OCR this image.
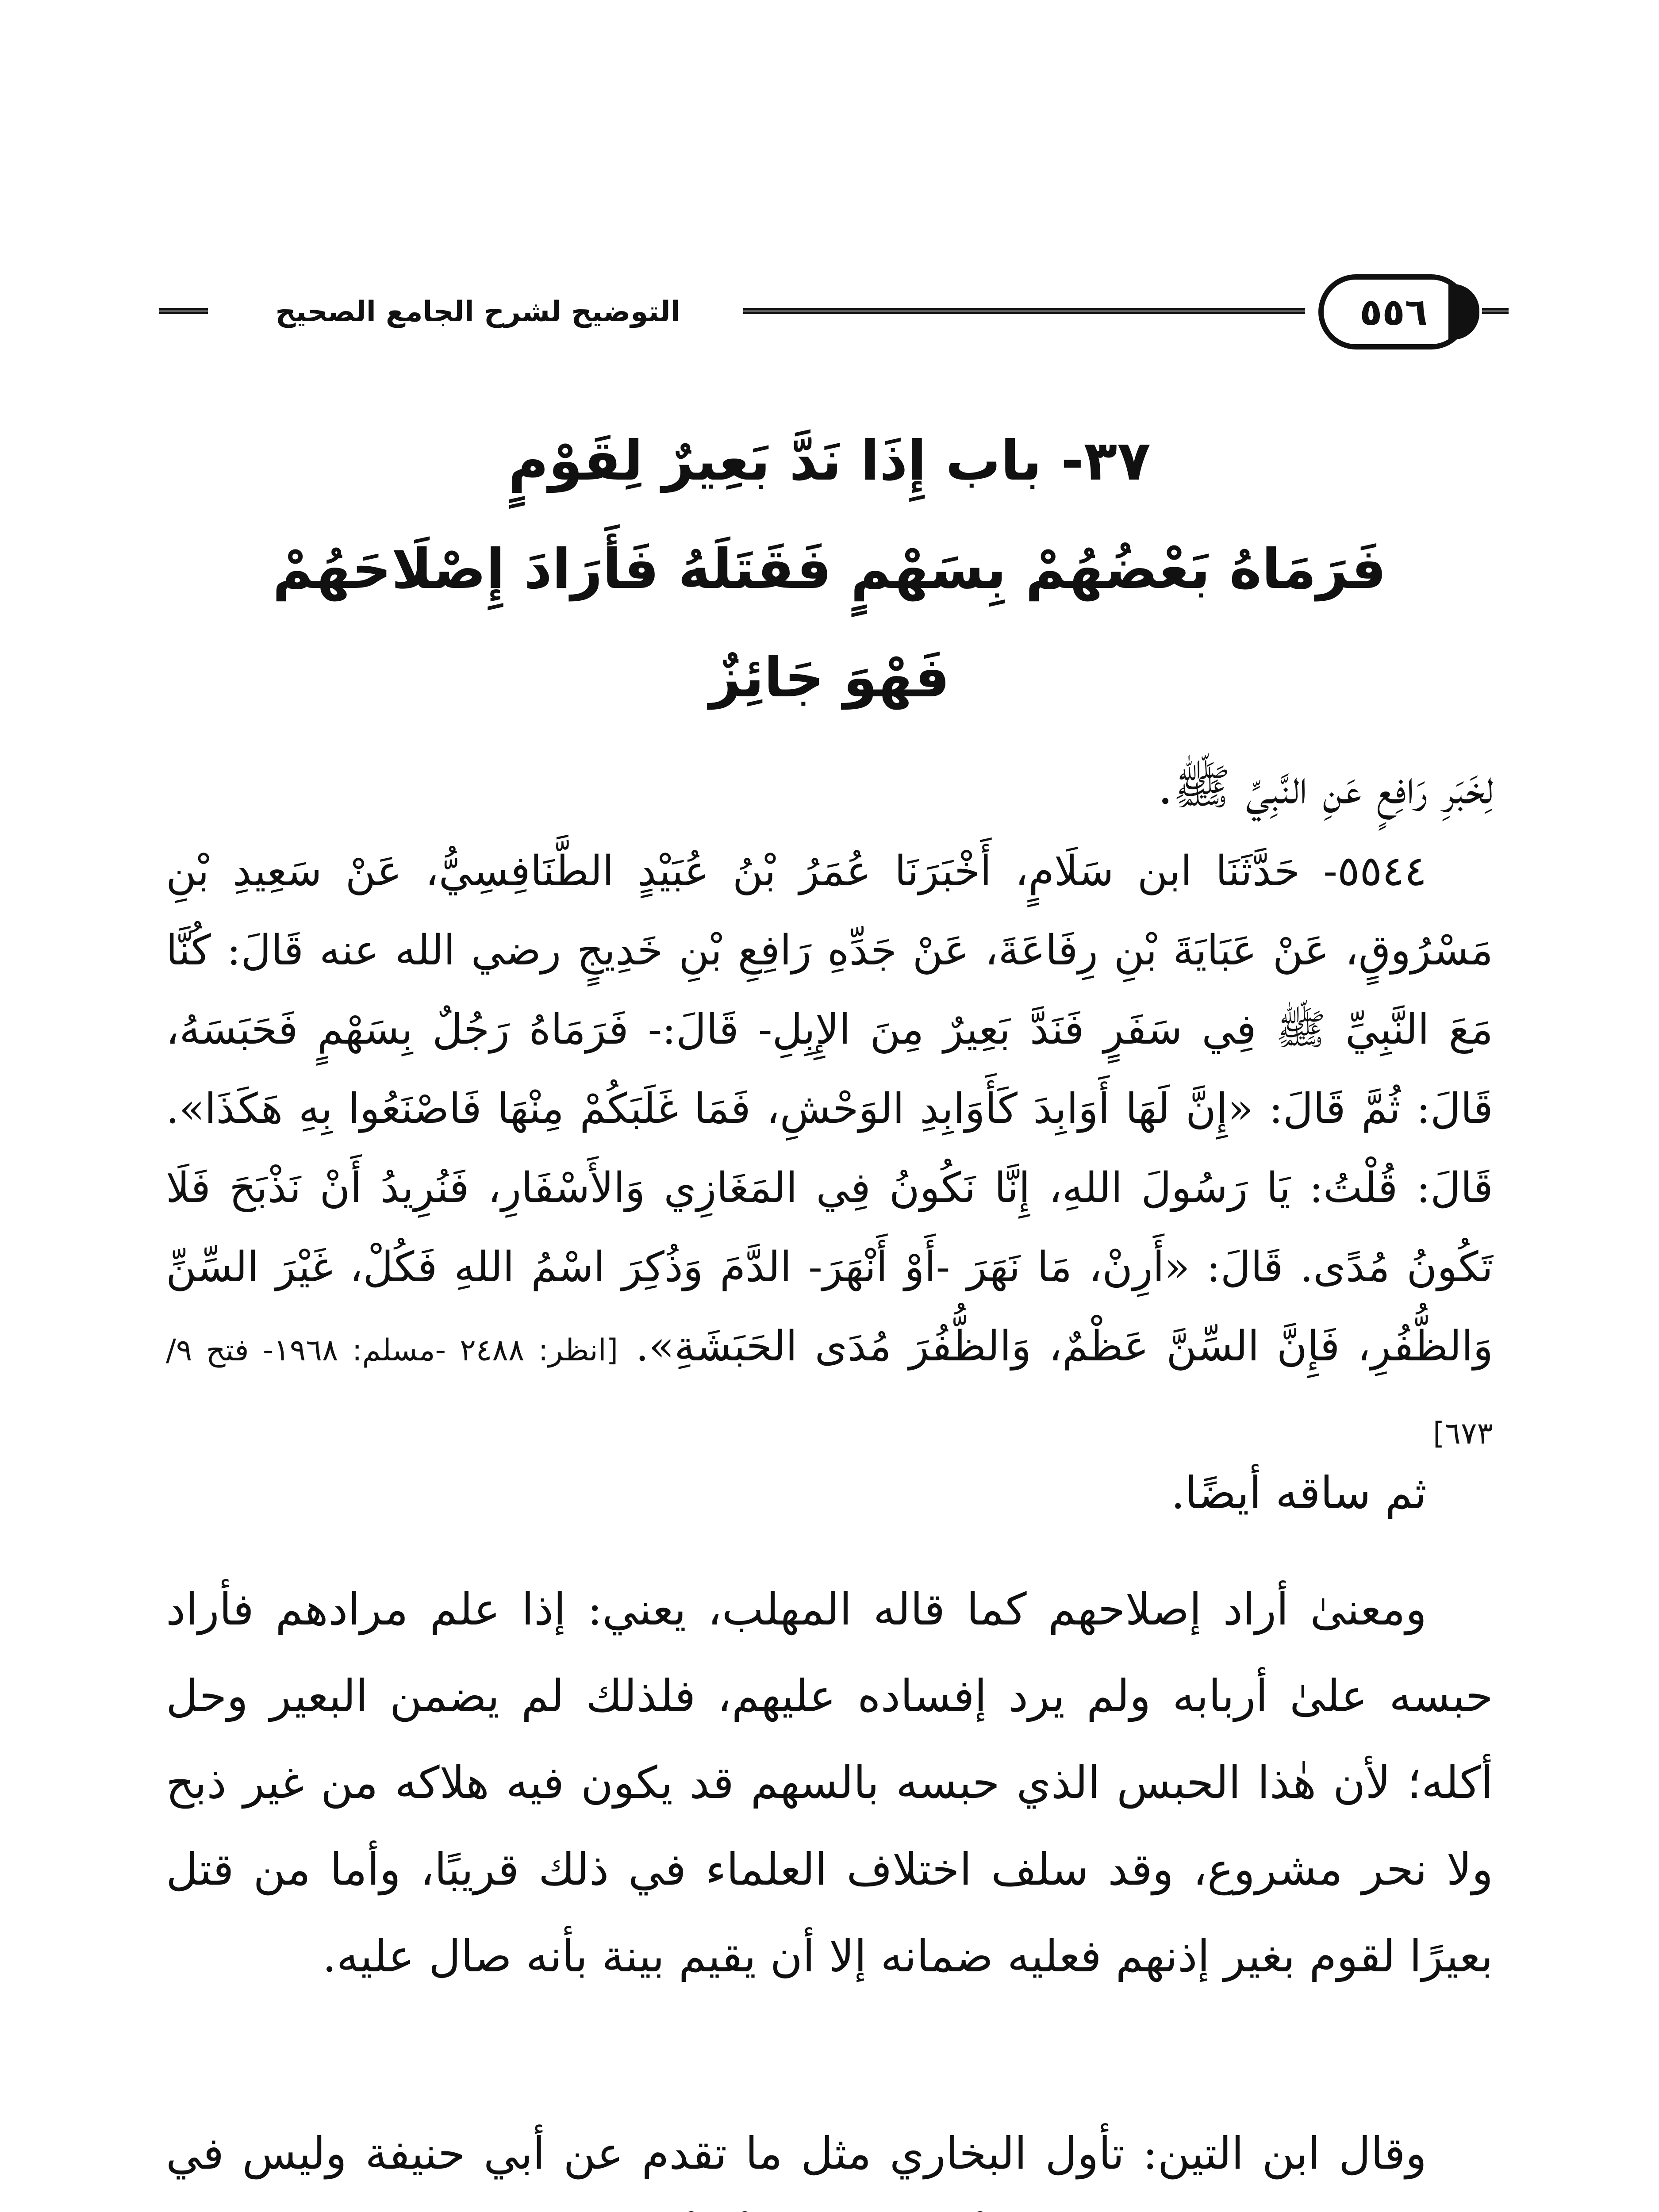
التوضيح لشرح الجامع الصحيح	٥٥٦
٣٧- باب إِذَا نَدَّ بَعِيرٌ لِقَوْمٍ
فَرَمَاهُ بَعْضُهُمْ بِسَهْمٍ فَقَتَلَهُ فَأَرَادَ إِصْلَاحَهُمْ
فَهْوَ جَائِزٌ
لِخَبَرِ رَافِعٍ عَنِ النَّبِيِّ ﷺ.
٥٥٤٤- حَدَّثَنَا ابن سَلَامٍ، أَخْبَرَنَا عُمَرُ بْنُ عُبَيْدٍ الطَّنَافِسِيُّ، عَنْ سَعِيدِ بْنِ مَسْرُوقٍ، عَنْ عَبَايَةَ بْنِ رِفَاعَةَ، عَنْ جَدِّهِ رَافِعِ بْنِ خَدِيجٍ رضي الله عنه قَالَ: كُنَّا مَعَ النَّبِيِّ ﷺ فِي سَفَرٍ فَنَدَّ بَعِيرٌ مِنَ الإِبِلِ- قَالَ:- فَرَمَاهُ رَجُلٌ بِسَهْمٍ فَحَبَسَهُ، قَالَ: ثُمَّ قَالَ: «إِنَّ لَهَا أَوَابِدَ كَأَوَابِدِ الوَحْشِ، فَمَا غَلَبَكُمْ مِنْهَا فَاصْنَعُوا بِهِ هَكَذَا». قَالَ: قُلْتُ: يَا رَسُولَ اللهِ، إِنَّا نَكُونُ فِي المَغَازِي وَالأَسْفَارِ، فَنُرِيدُ أَنْ نَذْبَحَ فَلَا تَكُونُ مُدًى. قَالَ: «أَرِنْ، مَا نَهَرَ -أَوْ أَنْهَرَ- الدَّمَ وَذُكِرَ اسْمُ اللهِ فَكُلْ، غَيْرَ السِّنِّ وَالظُّفُرِ، فَإِنَّ السِّنَّ عَظْمٌ، وَالظُّفُرَ مُدَى الحَبَشَةِ». [انظر: ٢٤٨٨ -مسلم: ١٩٦٨- فتح ٩/ ٦٧٣]
ثم ساقه أيضًا.
ومعنىٰ أراد إصلاحهم كما قاله المهلب، يعني: إذا علم مرادهم فأراد حبسه علىٰ أربابه ولم يرد إفساده عليهم، فلذلك لم يضمن البعير وحل أكله؛ لأن هٰذا الحبس الذي حبسه بالسهم قد يكون فيه هلاكه من غير ذبح ولا نحر مشروع، وقد سلف اختلاف العلماء في ذلك قريبًا، وأما من قتل بعيرًا لقوم بغير إذنهم فعليه ضمانه إلا أن يقيم بينة بأنه صال عليه.
وقال ابن التين: تأول البخاري مثل ما تقدم عن أبي حنيفة وليس في
